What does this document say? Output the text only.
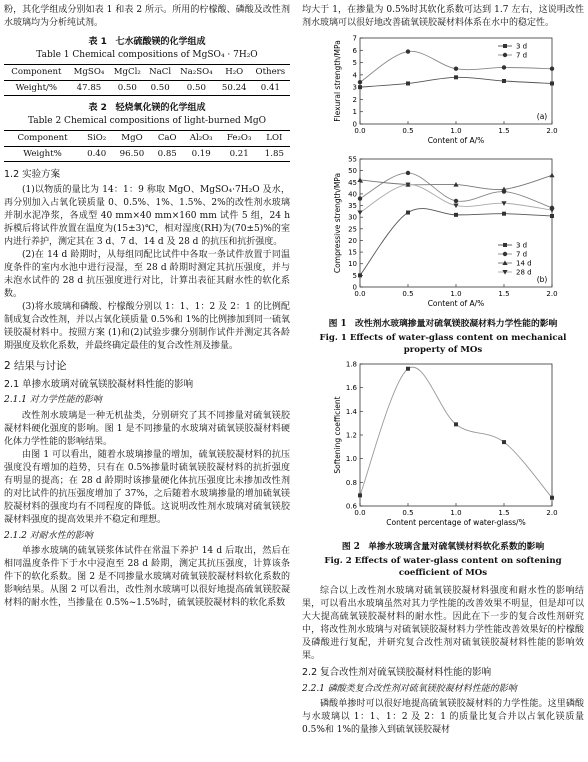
粉，其化学组成分别如表 1 和表 2 所示。所用的柠檬酸、磷酸及改性剂水玻璃均为分析纯试剂。

表 1 七水硫酸镁的化学组成
Table 1 Chemical compositions of MgSO₄ · 7H₂O
Component	MgSO₄	MgCl₂	NaCl	Na₂SO₄	H₂O	Others
Weight/%	47.85	0.50	0.50	0.50	50.24	0.41
表 2 轻烧氧化镁的化学组成
Table 2 Chemical compositions of light-burned MgO
Component	SiO₂	MgO	CaO	Al₂O₃	Fe₂O₃	LOI
Weight%	0.40	96.50	0.85	0.19	0.21	1.85
1.2 实验方案

(1)以物质的量比为 14：1：9 称取 MgO、MgSO₄·7H₂O 及水，再分别加入占氧化镁质量 0、0.5%、1%、1.5%、2%的改性剂水玻璃并制水泥净浆，各成型 40 mm×40 mm×160 mm 试件 5 组，24 h 拆模后将试件放置在温度为(15±3)℃，相对湿度(RH)为(70±5)%的室内进行养护，测定其在 3 d、7 d、14 d 及 28 d 的抗压和抗折强度。

(2)在 14 d 龄期时，从每组同配比试件中各取一条试件放置于同温度条件的室内水池中进行浸湿，至 28 d 龄期时测定其抗压强度，并与未泡水试件的 28 d 抗压强度进行对比，计算出表征其耐水性的软化系数。

(3)将水玻璃和磷酸、柠檬酸分别以 1：1、1：2 及 2：1 的比例配制成复合改性剂，并以占氧化镁质量 0.5%和 1%的比例掺加到同一硫氧镁胶凝材料中。按照方案 (1)和(2)试验步骤分别制作试件并测定其各龄期强度及软化系数，并最终确定最佳的复合改性剂及掺量。

2 结果与讨论
2.1 单掺水玻璃对硫氧镁胶凝材料性能的影响
2.1.1 对力学性能的影响

改性剂水玻璃是一种无机盐类，分别研究了其不同掺量对硫氧镁胶凝材料硬化强度的影响。图 1 是不同掺量的水玻璃对硫氧镁胶凝材料硬化体力学性能的影响结果。

由图 1 可以看出，随着水玻璃掺量的增加，硫氧镁胶凝材料的抗压强度没有增加的趋势，只有在 0.5%掺量时硫氧镁胶凝材料的抗折强度有明显的提高；在 28 d 龄期时该掺量硬化体抗压强度比未掺加改性剂的对比试件的抗压强度增加了 37%，之后随着水玻璃掺量的增加硫氧镁胶凝材料的强度均有不同程度的降低。这说明改性剂水玻璃对硫氧镁胶凝材料强度的提高效果并不稳定和理想。

2.1.2 对耐水性的影响

单掺水玻璃的硫氧镁浆体试件在常温下养护 14 d 后取出，然后在相同温度条件下于水中浸泡至 28 d 龄期，测定其抗压强度，计算该条件下的软化系数。图 2 是不同掺量水玻璃对硫氧镁胶凝材料软化系数的影响结果。从图 2 可以看出，改性剂水玻璃可以很好地提高硫氧镁胶凝材料的耐水性，当掺量在 0.5%~1.5%时，硫氧镁胶凝材料的软化系数

均大于 1，在掺量为 0.5%时其软化系数可达到 1.7 左右，这说明改性剂水玻璃可以很好地改善硫氧镁胶凝材料体系在水中的稳定性。

0.0	0.5	1.0	1.5	2.0
0
1
2
3
4
5
6
7
Content of A/%
Flexural strength/MPa	3 d
7 d
(a)

0.0	0.5	1.0	1.5	2.0
0
5
10
15
20
25
30
35
40
45
50
55
Content of A/%
Compressive strength/MPa	3 d
7 d
14 d
28 d
(b)
图 1 改性剂水玻璃掺量对硫氧镁胶凝材料力学性能的影响
Fig. 1 Effects of water-glass content on mechanical
property of MOs
0.0	0.5	1.0	1.5	2.0
0.6
0.8
1.0
1.2
1.4
1.6
1.8
Content percentage of water-glass/%
Softening coefficient
图 2 单掺水玻璃含量对硫氧镁材料软化系数的影响
Fig. 2 Effects of water-glass content on softening
coefficient of MOs

综合以上改性剂水玻璃对硫氧镁胶凝材料强度和耐水性的影响结果，可以看出水玻璃虽然对其力学性能的改善效果不明显，但是却可以大大提高硫氧镁胶凝材料的耐水性。因此在下一步的复合改性剂研究中，将改性剂水玻璃与对硫氧镁胶凝材料力学性能改善效果好的柠檬酸及磷酸进行复配，并研究复合改性剂对硫氧镁胶凝材料性能的影响效果。

2.2 复合改性剂对硫氧镁胶凝材料性能的影响
2.2.1 磷酸类复合改性剂对硫氧镁胶凝材料性能的影响

磷酸单掺时可以很好地提高硫氧镁胶凝材料的力学性能。这里磷酸与水玻璃以 1：1、1：2 及 2：1 的质量比复合并以占氧化镁质量 0.5%和 1%的量掺入到硫氧镁胶凝材
